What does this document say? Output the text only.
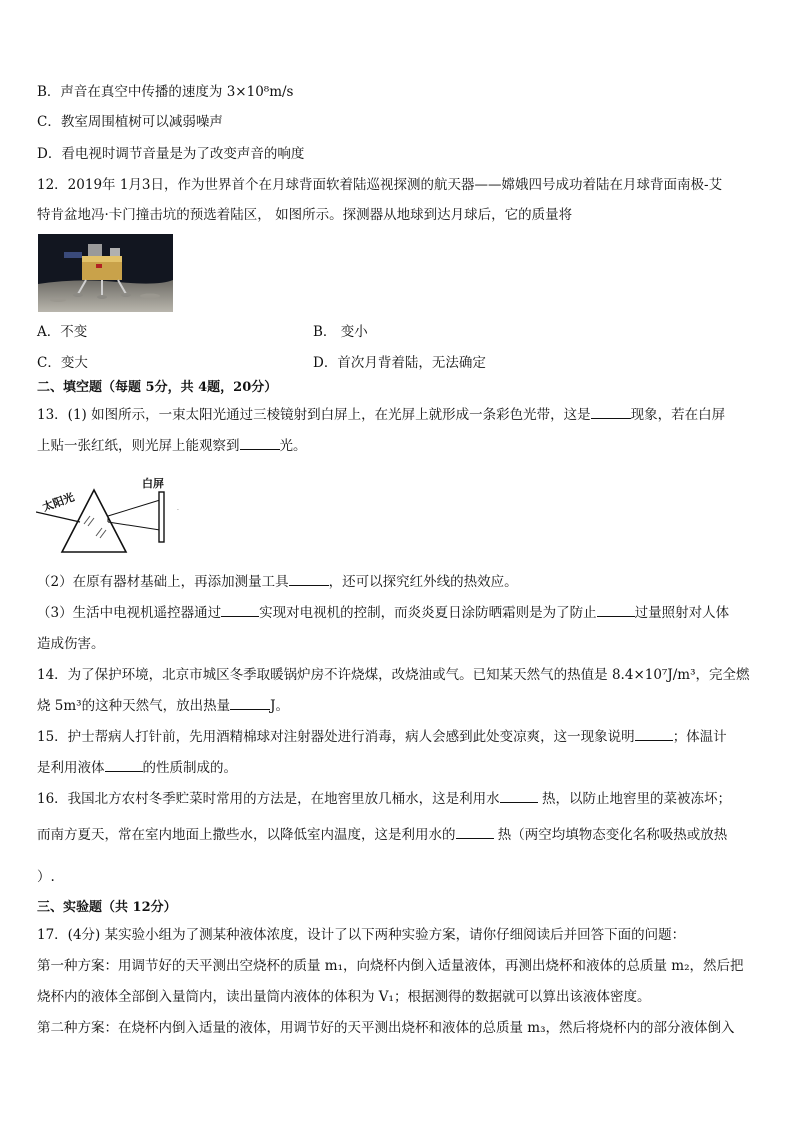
B．声音在真空中传播的速度为 3×10⁸m/s
C．教室周围植树可以减弱噪声
D．看电视时调节音量是为了改变声音的响度
12．2019年 1月3日，作为世界首个在月球背面软着陆巡视探测的航天器——嫦娥四号成功着陆在月球背面南极-艾
特肯盆地冯·卡门撞击坑的预选着陆区， 如图所示。探测器从地球到达月球后，它的质量将
A．不变	B． 变小
C．变大	D．首次月背着陆，无法确定
二、填空题（每题 5分，共 4题，20分）
13．(1) 如图所示，一束太阳光通过三棱镜射到白屏上，在光屏上就形成一条彩色光带，这是	现象，若在白屏
上贴一张红纸，则光屏上能观察到	光。
·
太阳光
白屏
（2）在原有器材基础上，再添加测量工具	，还可以探究红外线的热效应。
（3）生活中电视机遥控器通过	实现对电视机的控制，而炎炎夏日涂防晒霜则是为了防止	过量照射对人体
造成伤害。
14．为了保护环境，北京市城区冬季取暖锅炉房不许烧煤，改烧油或气。已知某天然气的热值是 8.4×10⁷J/m³，完全燃
烧 5m³的这种天然气，放出热量	J。
15．护士帮病人打针前，先用酒精棉球对注射器处进行消毒，病人会感到此处变凉爽，这一现象说明	；体温计
是利用液体	的性质制成的。
16．我国北方农村冬季贮菜时常用的方法是，在地窖里放几桶水，这是利用水	热，以防止地窖里的菜被冻坏；
而南方夏天，常在室内地面上撒些水，以降低室内温度，这是利用水的	热（两空均填物态变化名称吸热或放热
）.
三、实验题（共 12分）
17．(4分) 某实验小组为了测某种液体浓度，设计了以下两种实验方案，请你仔细阅读后并回答下面的问题：
第一种方案：用调节好的天平测出空烧杯的质量 m₁，向烧杯内倒入适量液体，再测出烧杯和液体的总质量 m₂，然后把
烧杯内的液体全部倒入量筒内，读出量筒内液体的体积为 V₁；根据测得的数据就可以算出该液体密度。
第二种方案：在烧杯内倒入适量的液体，用调节好的天平测出烧杯和液体的总质量 m₃，然后将烧杯内的部分液体倒入
